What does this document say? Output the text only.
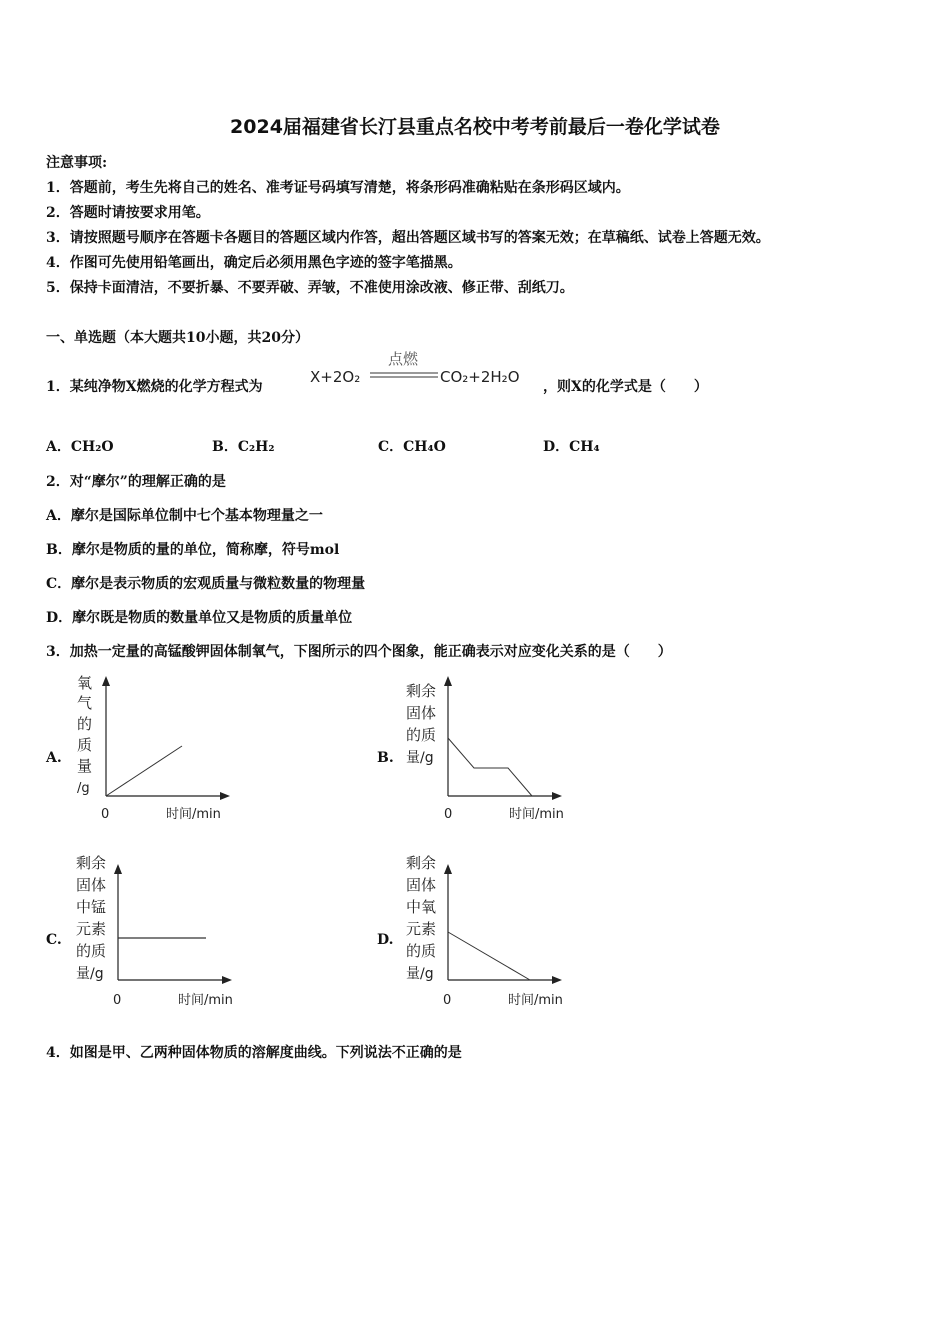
2024届福建省长汀县重点名校中考考前最后一卷化学试卷
注意事项:
1．答题前，考生先将自己的姓名、准考证号码填写清楚，将条形码准确粘贴在条形码区域内。
2．答题时请按要求用笔。
3．请按照题号顺序在答题卡各题目的答题区域内作答，超出答题区域书写的答案无效；在草稿纸、试卷上答题无效。
4．作图可先使用铅笔画出，确定后必须用黑色字迹的签字笔描黑。
5．保持卡面清洁，不要折暴、不要弄破、弄皱，不准使用涂改液、修正带、刮纸刀。
一、单选题（本大题共10小题，共20分）
1．某纯净物X燃烧的化学方程式为
点燃
X+2O₂	CO₂+2H₂O
，则X的化学式是（　　）
A．CH₂O	B．C₂H₂	C．CH₄O	D．CH₄
2．对“摩尔”的理解正确的是
A．摩尔是国际单位制中七个基本物理量之一
B．摩尔是物质的量的单位，简称摩，符号mol
C．摩尔是表示物质的宏观质量与微粒数量的物理量
D．摩尔既是物质的数量单位又是物质的质量单位
3．加热一定量的高锰酸钾固体制氧气，下图所示的四个图象，能正确表示对应变化关系的是（　　）
A.
氧
气
的
质
量
/g
0	时间/min
B.
剩余
固体
的质
量/g
0	时间/min
C.
剩余
固体
中锰
元素
的质
量/g
0	时间/min
D.
剩余
固体
中氧
元素
的质
量/g
0	时间/min
4．如图是甲、乙两种固体物质的溶解度曲线。下列说法不正确的是
